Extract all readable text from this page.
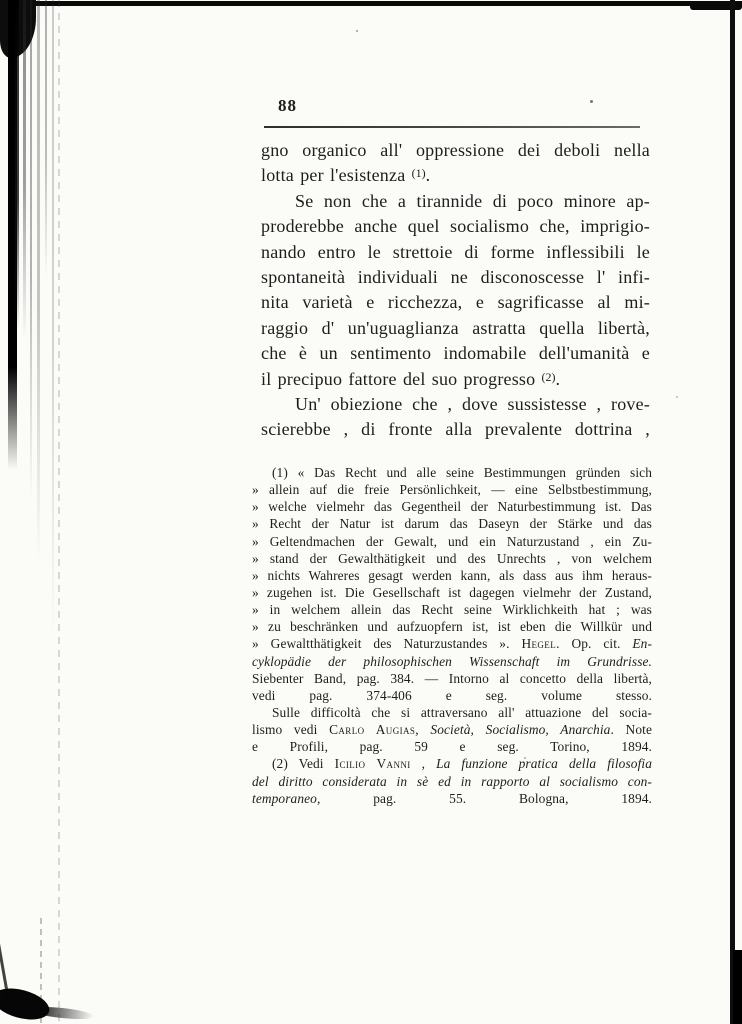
88
gno organico all' oppressione dei deboli nella
lotta per l'esistenza $^{(1)}$.
Se non che a tirannide di poco minore ap-
proderebbe anche quel socialismo che, imprigio-
nando entro le strettoie di forme inflessibili le
spontaneità individuali ne disconoscesse l' infi-
nita varietà e ricchezza, e sagrificasse al mi-
raggio d' un'uguaglianza astratta quella libertà,
che è un sentimento indomabile dell'umanità e
il precipuo fattore del suo progresso $^{(2)}$.
Un' obiezione che , dove sussistesse , rove-
scierebbe , di fronte alla prevalente dottrina ,
(1) « Das Recht und alle seine Bestimmungen gründen sich
» allein auf die freie Persönlichkeit, — eine Selbstbestimmung,
» welche vielmehr das Gegentheil der Naturbestimmung ist. Das
» Recht der Natur ist darum das Daseyn der Stärke und das
» Geltendmachen der Gewalt, und ein Naturzustand , ein Zu-
» stand der Gewalthätigkeit und des Unrechts , von welchem
» nichts Wahreres gesagt werden kann, als dass aus ihm heraus-
» zugehen ist. Die Gesellschaft ist dagegen vielmehr der Zustand,
» in welchem allein das Recht seine Wirklichkeith hat ; was
» zu beschränken und aufzuopfern ist, ist eben die Willkür und
» Gewaltthätigkeit des Naturzustandes ». Hegel. Op. cit. En-
cyklopädie der philosophischen Wissenschaft im Grundrisse.
Siebenter Band, pag. 384. — Intorno al concetto della libertà,
vedi pag. 374-406 e seg. volume stesso.
Sulle difficoltà che si attraversano all' attuazione del socia-
lismo vedi Carlo Augias, Società, Socialismo, Anarchia. Note
e Profili, pag. 59 e seg. Torino, 1894.
(2) Vedi Icilio Vanni , La funzione pratica della filosofia
del diritto considerata in sè ed in rapporto al socialismo con-
temporaneo, pag. 55. Bologna, 1894.
